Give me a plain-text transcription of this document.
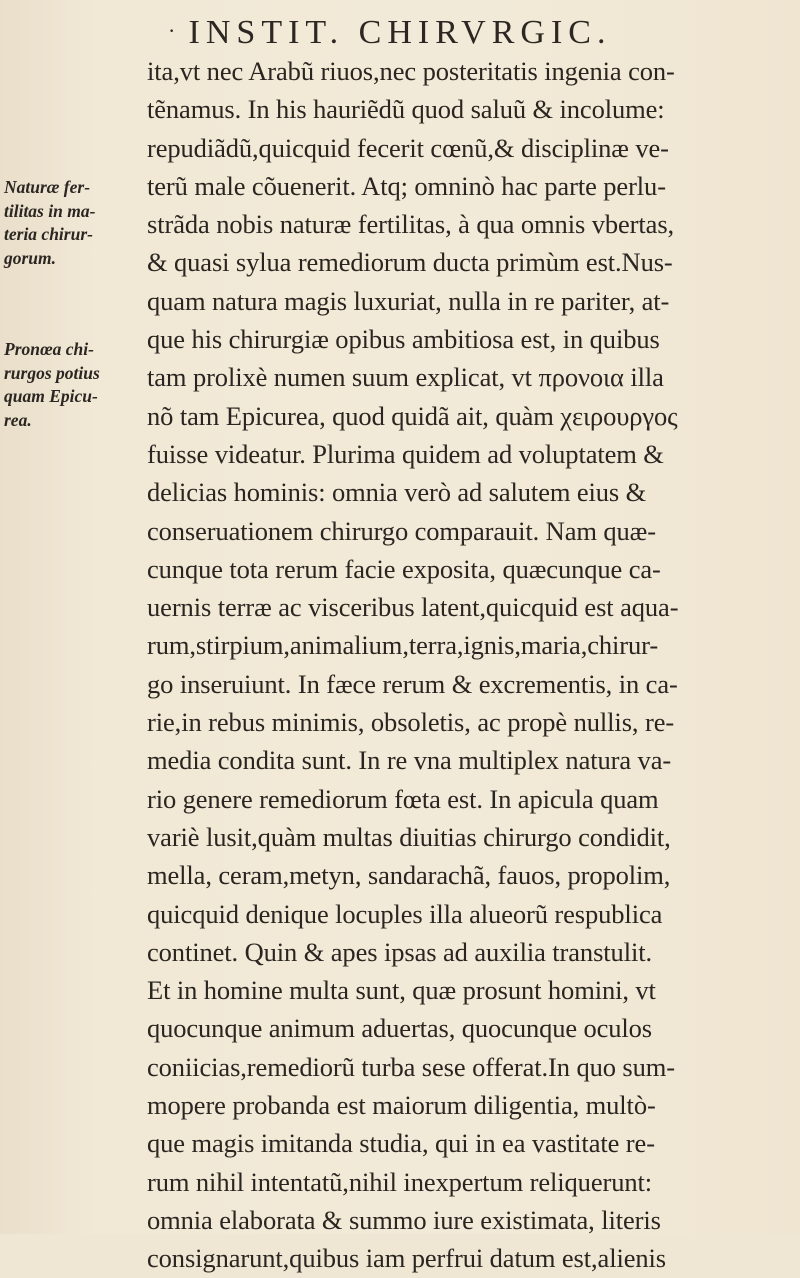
· INSTIT. CHIRVRGIC.
Naturæ fer-
tilitas in ma-
teria chirur-
gorum.
Pronœa chi-
rurgos potius
quam Epicu-
rea.
ita,vt nec Arabũ riuos,nec posteritatis ingenia con-
tẽnamus. In his hauriẽdũ quod saluũ & incolume:
repudiãdũ,quicquid fecerit cœnũ,& disciplinæ ve-
terũ male cõuenerit. Atq; omninò hac parte perlu-
strãda nobis naturæ fertilitas, à qua omnis vbertas,
& quasi sylua remediorum ducta primùm est.Nus-
quam natura magis luxuriat, nulla in re pariter, at-
que his chirurgiæ opibus ambitiosa est, in quibus
tam prolixè numen suum explicat, vt προνοια illa
nõ tam Epicurea, quod quidã ait, quàm χειρουργος
fuisse videatur. Plurima quidem ad voluptatem &
delicias hominis: omnia verò ad salutem eius &
conseruationem chirurgo comparauit. Nam quæ-
cunque tota rerum facie exposita, quæcunque ca-
uernis terræ ac visceribus latent,quicquid est aqua-
rum,stirpium,animalium,terra,ignis,maria,chirur-
go inseruiunt. In fæce rerum & excrementis, in ca-
rie,in rebus minimis, obsoletis, ac propè nullis, re-
media condita sunt. In re vna multiplex natura va-
rio genere remediorum fœta est. In apicula quam
variè lusit,quàm multas diuitias chirurgo condidit,
mella, ceram,metyn, sandarachã, fauos, propolim,
quicquid denique locuples illa alueorũ respublica
continet. Quin & apes ipsas ad auxilia transtulit.
Et in homine multa sunt, quæ prosunt homini, vt
quocunque animum aduertas, quocunque oculos
coniicias,remediorũ turba sese offerat.In quo sum-
mopere probanda est maiorum diligentia, multò-
que magis imitanda studia, qui in ea vastitate re-
rum nihil intentatũ,nihil inexpertum reliquerunt:
omnia elaborata & summo iure existimata, literis
consignarunt,quibus iam perfrui datum est,alienis
